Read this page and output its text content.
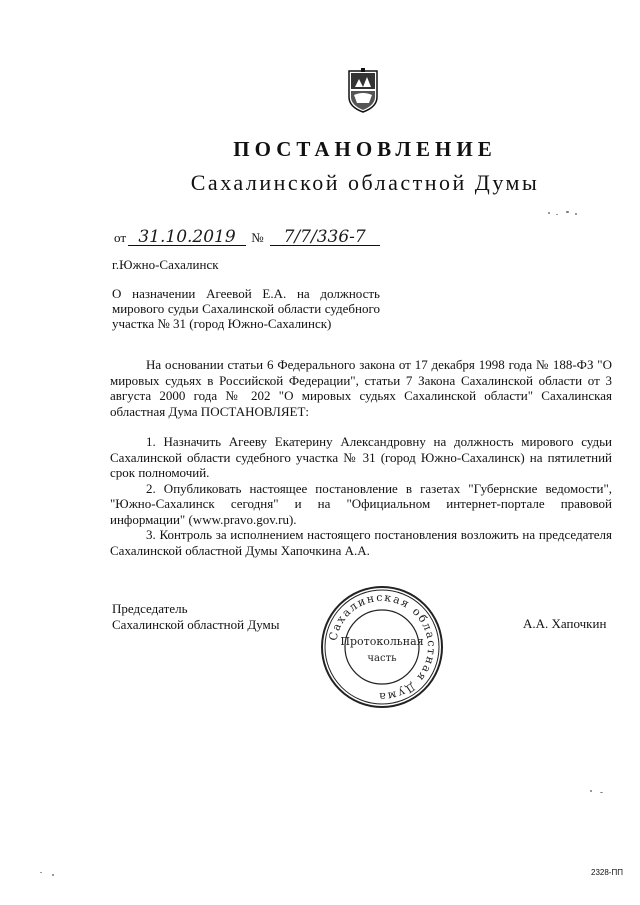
ПОСТАНОВЛЕНИЕ
Сахалинской областной Думы
от 31.10.2019 № 7/7/336-7
г.Южно-Сахалинск
О назначении Агеевой Е.А. на должность мирового судьи Сахалинской области судебного участка № 31 (город Южно-Сахалинск)

На основании статьи 6 Федерального закона от 17 декабря 1998 года № 188-ФЗ "О мировых судьях в Российской Федерации", статьи 7 Закона Сахалинской области от 3 августа 2000 года № 202 "О мировых судьях Сахалинской области" Сахалинская областная Дума ПОСТАНОВЛЯЕТ:

1. Назначить Агееву Екатерину Александровну на должность мирового судьи Сахалинской области судебного участка № 31 (город Южно-Сахалинск) на пятилетний срок полномочий.

2. Опубликовать настоящее постановление в газетах "Губернские ведомости", "Южно-Сахалинск сегодня" и на "Официальном интернет-портале правовой информации" (www.pravo.gov.ru).

3. Контроль за исполнением настоящего постановления возложить на председателя Сахалинской областной Думы Хапочкина А.А.

Председатель
Сахалинской областной Думы	А.А. Хапочкин
Сахалинская областная Дума
Протокольная
часть
2328-ПП
